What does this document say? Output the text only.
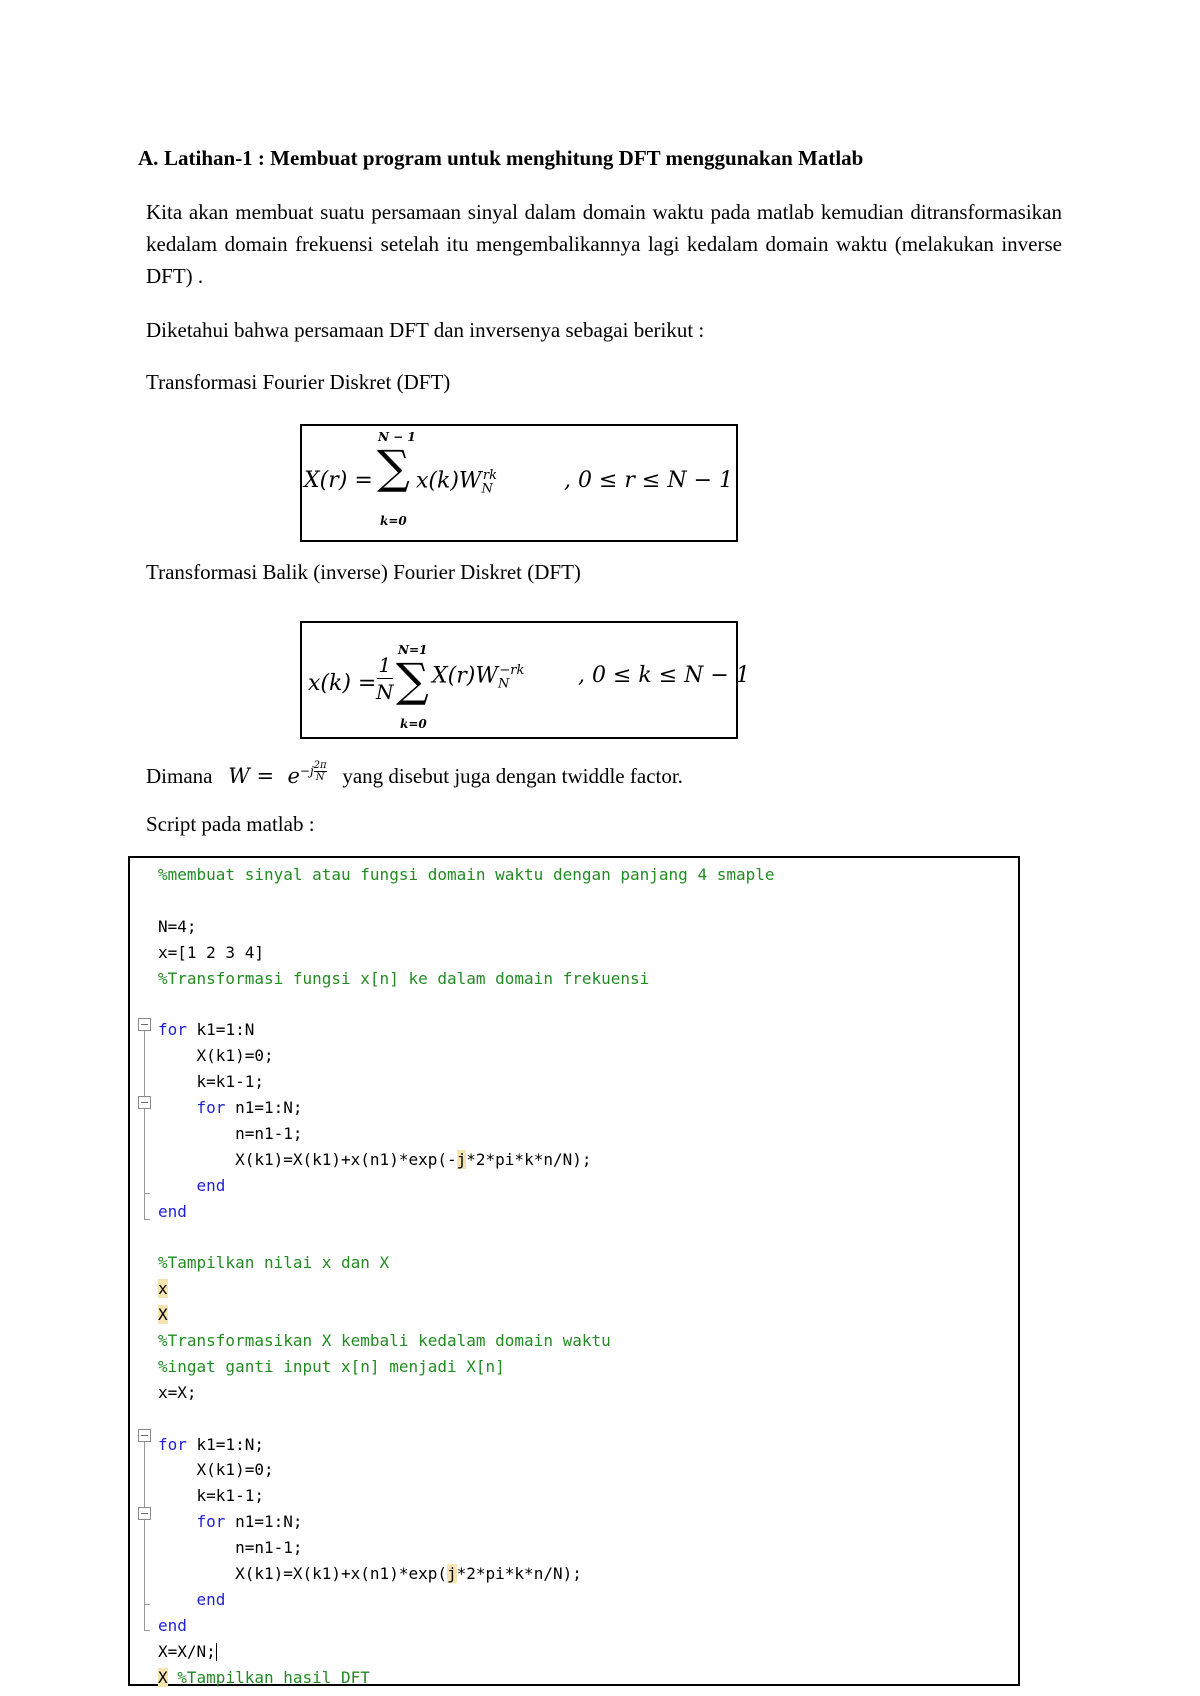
A. Latihan-1 : Membuat program untuk menghitung DFT menggunakan Matlab
Kita akan membuat suatu persamaan sinyal dalam domain waktu pada matlab kemudian ditransformasikan kedalam domain frekuensi setelah itu mengembalikannya lagi kedalam domain waktu (melakukan inverse DFT) .
Diketahui bahwa persamaan DFT dan inversenya sebagai berikut :
Transformasi Fourier Diskret (DFT)
X(r) =
N − 1
∑
k=0
$x(k)W_N^{rk}$	, 0 ≤ r ≤ N − 1
Transformasi Balik (inverse) Fourier Diskret (DFT)
x(k) =
1
N
N=1
∑
k=0
$X(r)W_N^{-rk}$ , 0 ≤ k ≤ N − 1
Dimana $W = e^{-j \frac{2\pi}{N}}$ yang disebut juga dengan twiddle factor.
Script pada matlab :
%membuat sinyal atau fungsi domain waktu dengan panjang 4 smaple

N=4;
x=[1 2 3 4]
%Transformasi fungsi x[n] ke dalam domain frekuensi

for k1=1:N
X(k1)=0;
k=k1-1;
for n1=1:N;
n=n1-1;
X(k1)=X(k1)+x(n1)*exp(-j*2*pi*k*n/N);
end
end

%Tampilkan nilai x dan X
x
X
%Transformasikan X kembali kedalam domain waktu
%ingat ganti input x[n] menjadi X[n]
x=X;

for k1=1:N;
X(k1)=0;
k=k1-1;
for n1=1:N;
n=n1-1;
X(k1)=X(k1)+x(n1)*exp(j*2*pi*k*n/N);
end
end
X=X/N;
X %Tampilkan hasil DFT
